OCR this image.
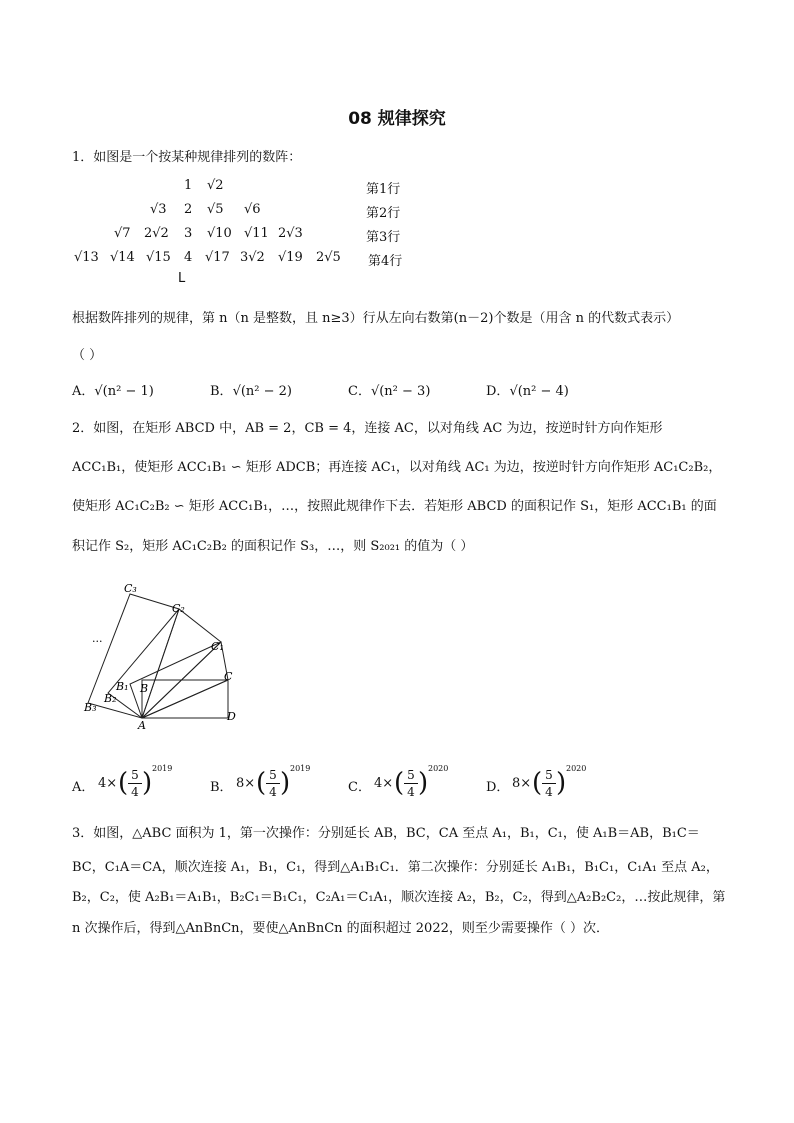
08 规律探究
1．如图是一个按某种规律排列的数阵：
1 √2	第1行
√3 2 √5 √6	第2行
√7 2√2 3 √10 √11 2√3	第3行
√13 √14 √15 4 √17 3√2 √19 2√5 第4行
L
根据数阵排列的规律，第 n（n 是整数，且 n≥3）行从左向右数第(n－2)个数是（用含 n 的代数式表示）
（ ）
A．√(n² − 1)	B．√(n² − 2)	C．√(n² − 3)	D．√(n² − 4)
2．如图，在矩形 ABCD 中，AB = 2，CB = 4，连接 AC，以对角线 AC 为边，按逆时针方向作矩形
ACC₁B₁，使矩形 ACC₁B₁ ∽ 矩形 ADCB；再连接 AC₁，以对角线 AC₁ 为边，按逆时针方向作矩形 AC₁C₂B₂，
使矩形 AC₁C₂B₂ ∽ 矩形 ACC₁B₁，…，按照此规律作下去．若矩形 ABCD 的面积记作 S₁，矩形 ACC₁B₁ 的面
积记作 S₂，矩形 AC₁C₂B₂ 的面积记作 S₃，…，则 S₂₀₂₁ 的值为（ ）
C₃
C₂
C₁
C
B₁ B
B₂
B₃
A
D
...
A． 4× ( 5
4 ) 2019
B． 8× ( 5
4 ) 2019
C． 4× ( 5
4 ) 2020
D． 8× ( 5
4 ) 2020
3．如图，△ABC 面积为 1，第一次操作：分别延长 AB，BC，CA 至点 A₁，B₁，C₁，使 A₁B＝AB，B₁C＝
BC，C₁A＝CA，顺次连接 A₁，B₁，C₁，得到△A₁B₁C₁．第二次操作：分别延长 A₁B₁，B₁C₁，C₁A₁ 至点 A₂，
B₂，C₂，使 A₂B₁＝A₁B₁，B₂C₁＝B₁C₁，C₂A₁＝C₁A₁，顺次连接 A₂，B₂，C₂，得到△A₂B₂C₂，…按此规律，第
n 次操作后，得到△AnBnCn，要使△AnBnCn 的面积超过 2022，则至少需要操作（ ）次．
